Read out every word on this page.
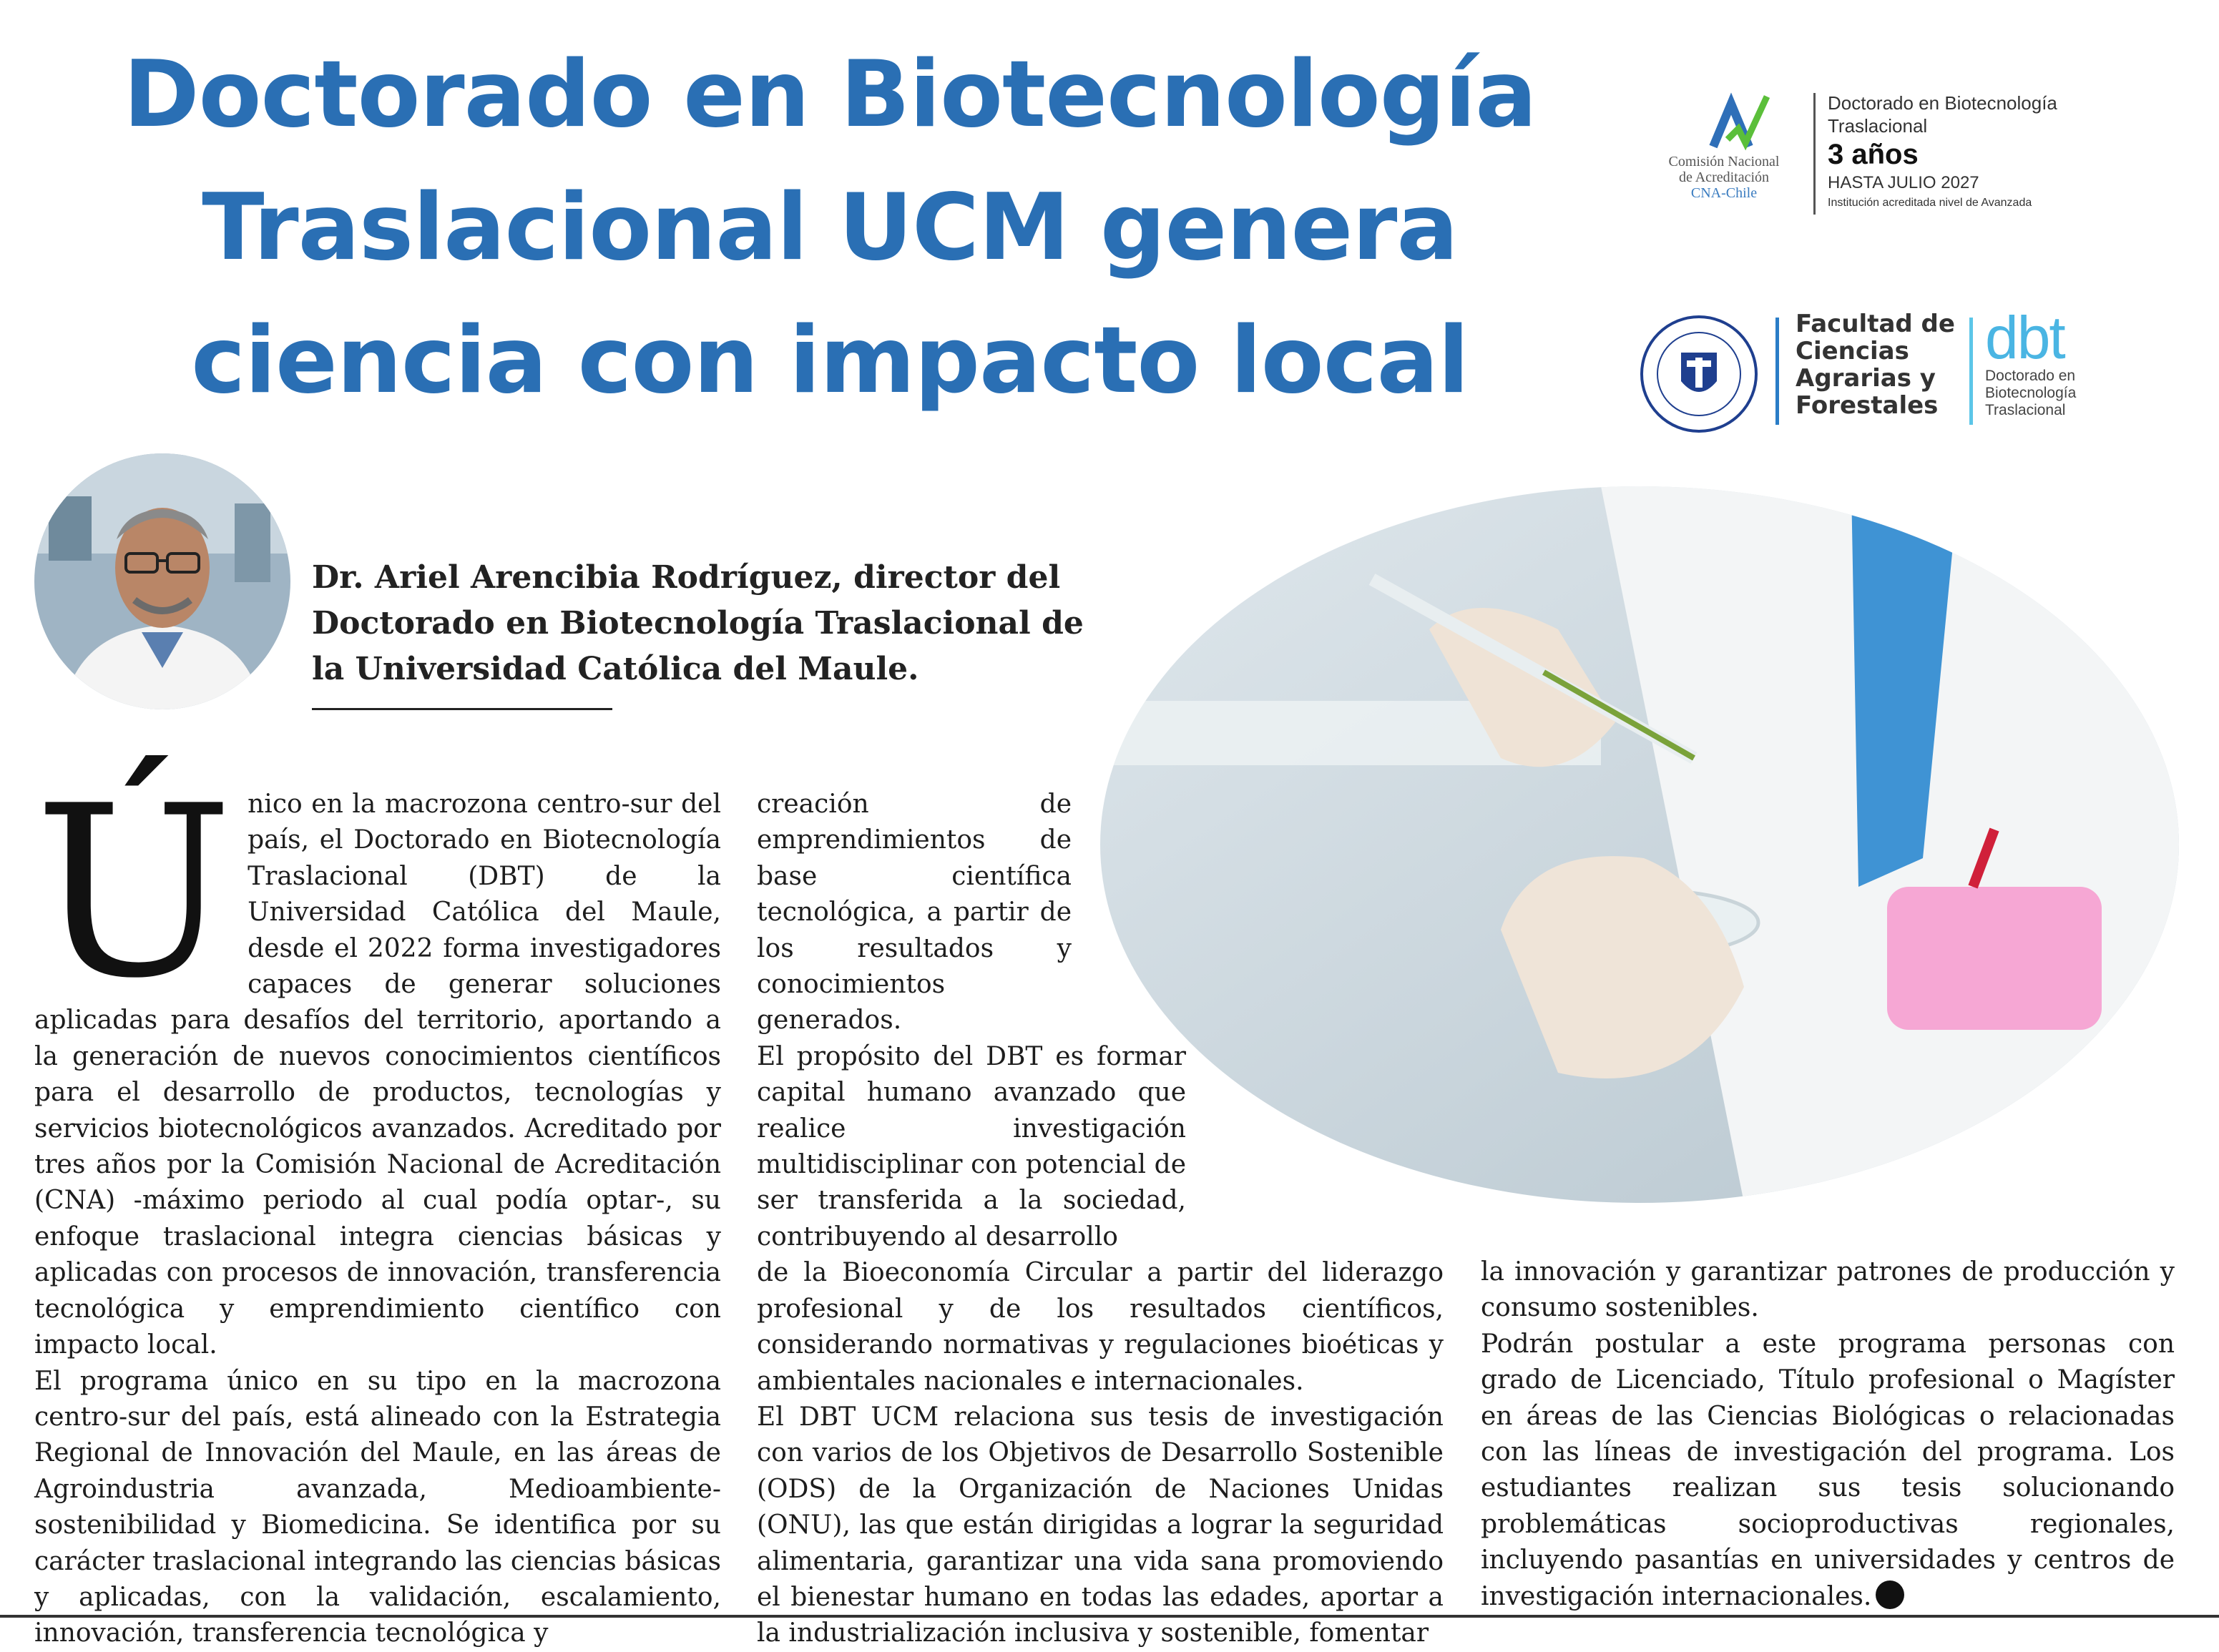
Doctorado en Biotecnología
Traslacional UCM genera
ciencia con impacto local
Comisión Nacional
de Acreditación
CNA-Chile
Doctorado en Biotecnología
Traslacional
3 años
HASTA JULIO 2027
Institución acreditada nivel de Avanzada
Facultad de
Ciencias
Agrarias y
Forestales
dbt
Doctorado en
Biotecnología
Traslacional
Dr. Ariel Arencibia Rodríguez, director del
Doctorado en Biotecnología Traslacional de
la Universidad Católica del Maule.
Ú nico en la macrozona centro-sur del país, el Doctorado en Biotecnología Traslacional (DBT) de la Universidad Católica del Maule, desde el 2022 forma investigadores capaces de generar soluciones aplicadas para desafíos del territorio, aportando a la generación de nuevos conocimientos científicos para el desarrollo de productos, tecnologías y servicios biotecnológicos avanzados. Acreditado por tres años por la Comisión Nacional de Acreditación (CNA) -máximo periodo al cual podía optar-, su enfoque traslacional integra ciencias básicas y aplicadas con procesos de innovación, transferencia tecnológica y emprendimiento científico con impacto local.

El programa único en su tipo en la macrozona centro-sur del país, está alineado con la Estrategia Regional de Innovación del Maule, en las áreas de Agroindustria avanzada, Medioambiente-sostenibilidad y Biomedicina. Se identifica por su carácter traslacional integrando las ciencias básicas y aplicadas, con la validación, escalamiento, innovación, transferencia tecnológica y

creación de emprendimientos de base científica tecnológica, a partir de los resultados y conocimientos generados.

El propósito del DBT es formar capital humano avanzado que realice investigación multidisciplinar con potencial de ser transferida a la sociedad, contribuyendo al desarrollo

de la Bioeconomía Circular a partir del liderazgo profesional y de los resultados científicos, considerando normativas y regulaciones bioéticas y ambientales nacionales e internacionales.

El DBT UCM relaciona sus tesis de investigación con varios de los Objetivos de Desarrollo Sostenible (ODS) de la Organización de Naciones Unidas (ONU), las que están dirigidas a lograr la seguridad alimentaria, garantizar una vida sana promoviendo el bienestar humano en todas las edades, aportar a la industrialización inclusiva y sostenible, fomentar

la innovación y garantizar patrones de producción y consumo sostenibles.

Podrán postular a este programa personas con grado de Licenciado, Título profesional o Magíster en áreas de las Ciencias Biológicas o relacionadas con las líneas de investigación del programa. Los estudiantes realizan sus tesis solucionando problemáticas socioproductivas regionales, incluyendo pasantías en universidades y centros de investigación internacionales.
